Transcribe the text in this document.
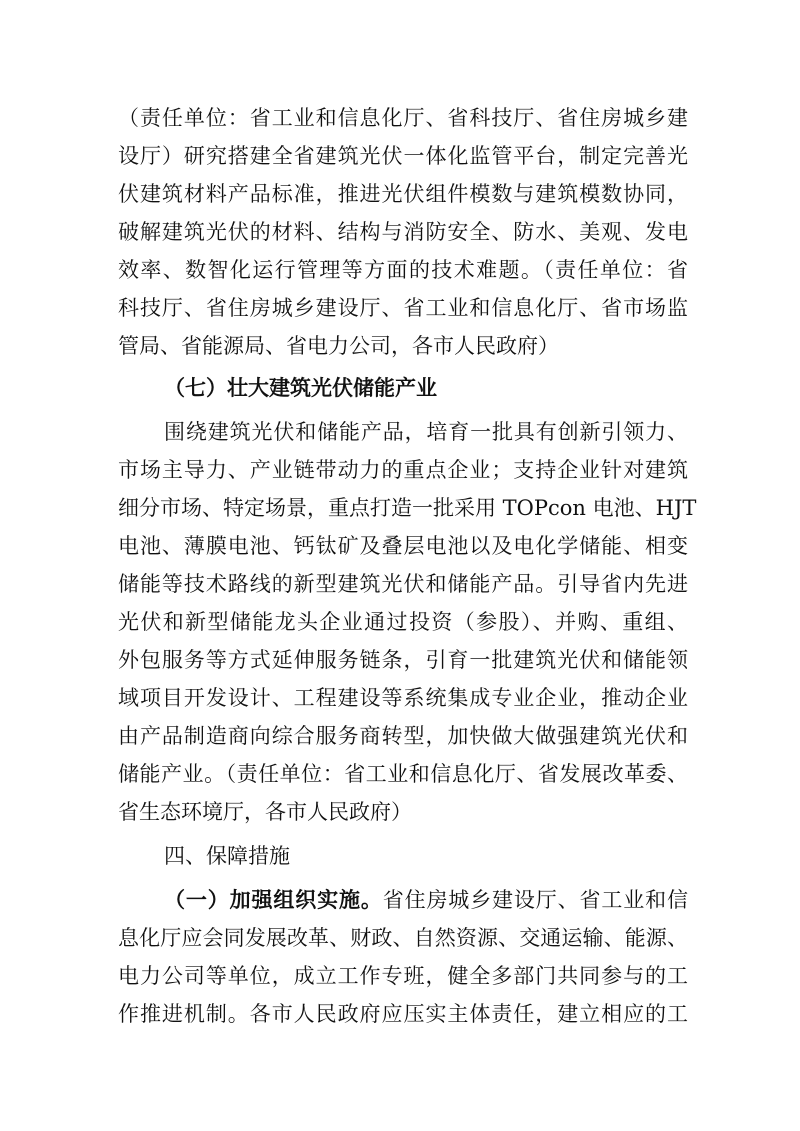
（责任单位：省工业和信息化厅、省科技厅、省住房城乡建
设厅）研究搭建全省建筑光伏一体化监管平台，制定完善光
伏建筑材料产品标准，推进光伏组件模数与建筑模数协同，
破解建筑光伏的材料、结构与消防安全、防水、美观、发电
效率、数智化运行管理等方面的技术难题。（责任单位：省
科技厅、省住房城乡建设厅、省工业和信息化厅、省市场监
管局、省能源局、省电力公司，各市人民政府）
（七）壮大建筑光伏储能产业
围绕建筑光伏和储能产品，培育一批具有创新引领力、
市场主导力、产业链带动力的重点企业；支持企业针对建筑
细分市场、特定场景，重点打造一批采用 TOPcon 电池、HJT
电池、薄膜电池、钙钛矿及叠层电池以及电化学储能、相变
储能等技术路线的新型建筑光伏和储能产品。引导省内先进
光伏和新型储能龙头企业通过投资（参股）、并购、重组、
外包服务等方式延伸服务链条，引育一批建筑光伏和储能领
域项目开发设计、工程建设等系统集成专业企业，推动企业
由产品制造商向综合服务商转型，加快做大做强建筑光伏和
储能产业。（责任单位：省工业和信息化厅、省发展改革委、
省生态环境厅，各市人民政府）
四、保障措施
（一）加强组织实施。省住房城乡建设厅、省工业和信
息化厅应会同发展改革、财政、自然资源、交通运输、能源、
电力公司等单位，成立工作专班，健全多部门共同参与的工
作推进机制。各市人民政府应压实主体责任，建立相应的工
